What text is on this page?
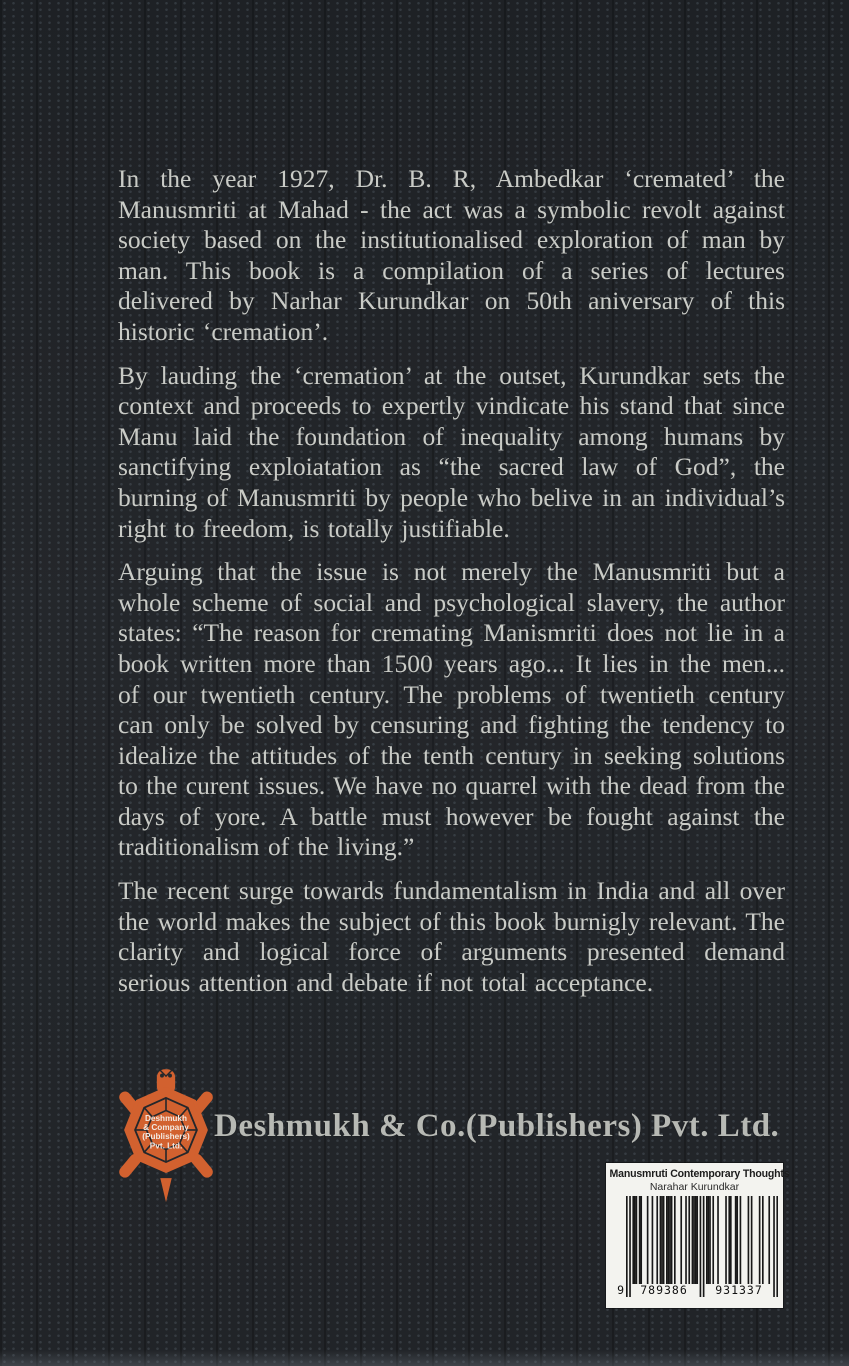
In the year 1927, Dr. B. R, Ambedkar ‘cremated’ the Manusmriti at Mahad - the act was a symbolic revolt against society based on the institutionalised exploration of man by man. This book is a compilation of a series of lectures delivered by Narhar Kurundkar on 50th aniversary of this historic ‘cremation’.

By lauding the ‘cremation’ at the outset, Kurundkar sets the context and proceeds to expertly vindicate his stand that since Manu laid the foundation of inequality among humans by sanctifying exploiatation as “the sacred law of God”, the burning of Manusmriti by people who belive in an individual’s right to freedom, is totally justifiable.

Arguing that the issue is not merely the Manusmriti but a whole scheme of social and psychological slavery, the author states: “The reason for cremating Manismriti does not lie in a book written more than 1500 years ago... It lies in the men... of our twentieth century. The problems of twentieth century can only be solved by censuring and fighting the tendency to idealize the attitudes of the tenth century in seeking solutions to the curent issues. We have no quarrel with the dead from the days of yore. A battle must however be fought against the traditionalism of the living.”

The recent surge towards fundamentalism in India and all over the world makes the subject of this book burnigly relevant. The clarity and logical force of arguments presented demand serious attention and debate if not total acceptance.

Deshmukh
& Company
(Publishers)
Pvt. Ltd.
Deshmukh & Co.(Publishers) Pvt. Ltd.
Manusmruti Contemporary Thoughts
Narahar Kurundkar
9	789386	931337
